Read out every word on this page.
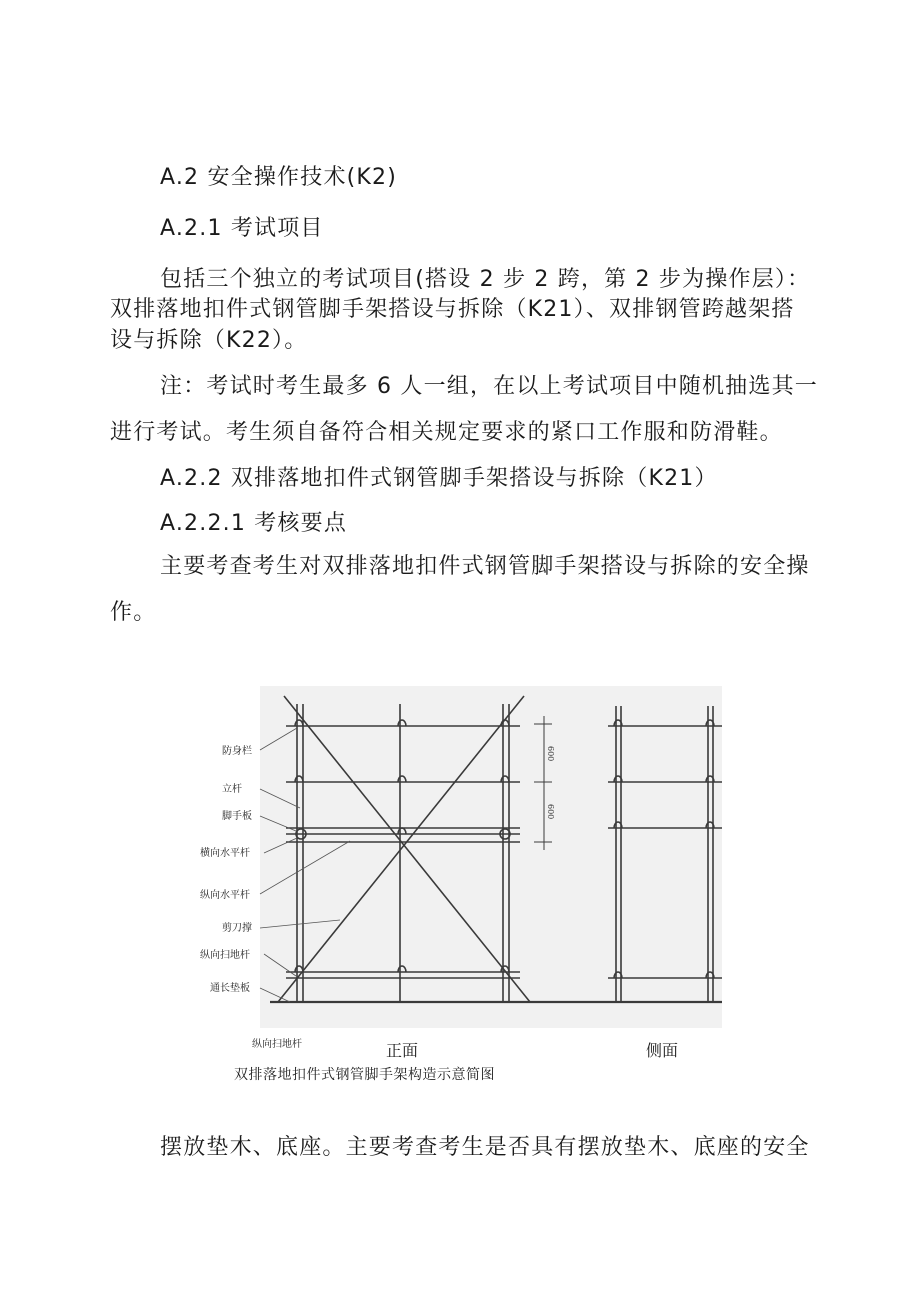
A.2 安全操作技术(K2)
A.2.1 考试项目
包括三个独立的考试项目(搭设 2 步 2 跨，第 2 步为操作层）：
双排落地扣件式钢管脚手架搭设与拆除（K21）、双排钢管跨越架搭
设与拆除（K22）。
注：考试时考生最多 6 人一组，在以上考试项目中随机抽选其一
进行考试。考生须自备符合相关规定要求的紧口工作服和防滑鞋。
A.2.2 双排落地扣件式钢管脚手架搭设与拆除（K21）
A.2.2.1 考核要点
主要考查考生对双排落地扣件式钢管脚手架搭设与拆除的安全操
作。
600
600
防身栏
立杆
脚手板
横向水平杆
纵向水平杆
剪刀撑
纵向扫地杆
通长垫板
纵向扫地杆	正面	侧面
双排落地扣件式钢管脚手架构造示意简图
摆放垫木、底座。主要考查考生是否具有摆放垫木、底座的安全
